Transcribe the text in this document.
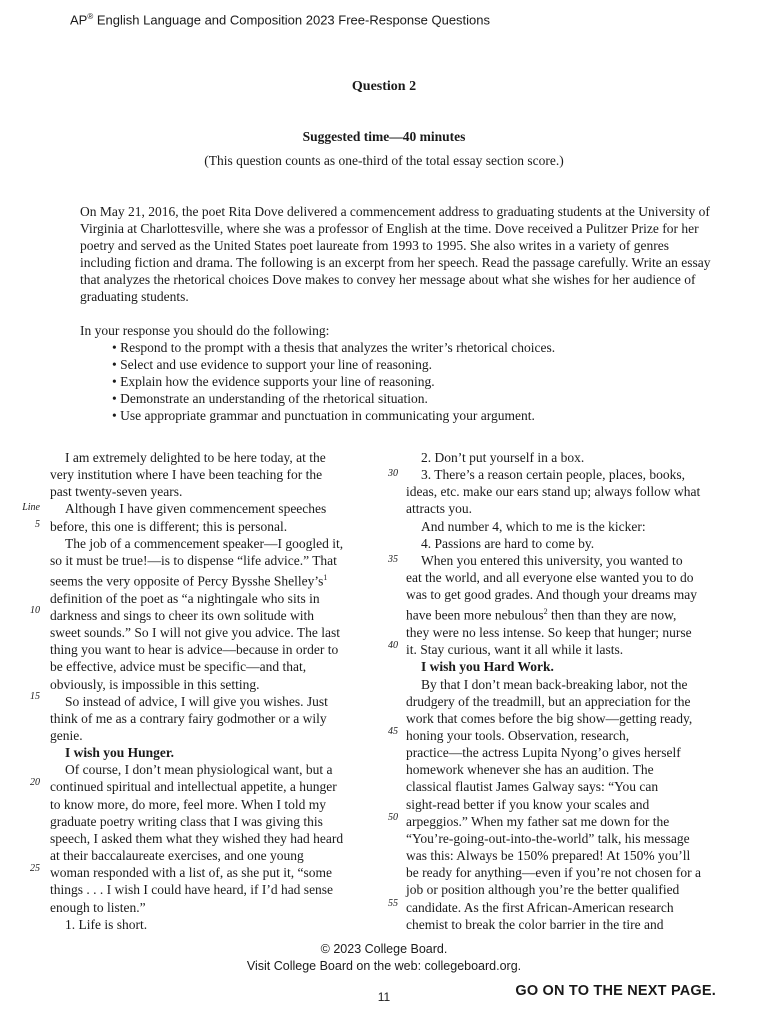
AP® English Language and Composition 2023 Free-Response Questions
Question 2
Suggested time—40 minutes
(This question counts as one-third of the total essay section score.)

On May 21, 2016, the poet Rita Dove delivered a commencement address to graduating students at the University of Virginia at Charlottesville, where she was a professor of English at the time. Dove received a Pulitzer Prize for her poetry and served as the United States poet laureate from 1993 to 1995. She also writes in a variety of genres including fiction and drama. The following is an excerpt from her speech. Read the passage carefully. Write an essay that analyzes the rhetorical choices Dove makes to convey her message about what she wishes for her audience of graduating students.

In your response you should do the following:
• Respond to the prompt with a thesis that analyzes the writer’s rhetorical choices.
• Select and use evidence to support your line of reasoning.
• Explain how the evidence supports your line of reasoning.
• Demonstrate an understanding of the rhetorical situation.
• Use appropriate grammar and punctuation in communicating your argument.
Line
5
10
15
20
25
30
35
40
45
50
55
I am extremely delighted to be here today, at the
very institution where I have been teaching for the
past twenty-seven years.
Although I have given commencement speeches
before, this one is different; this is personal.
The job of a commencement speaker—I googled it,
so it must be true!—is to dispense “life advice.” That
seems the very opposite of Percy Bysshe Shelley’s$^1$
definition of the poet as “a nightingale who sits in
darkness and sings to cheer its own solitude with
sweet sounds.” So I will not give you advice. The last
thing you want to hear is advice—because in order to
be effective, advice must be specific—and that,
obviously, is impossible in this setting.
So instead of advice, I will give you wishes. Just
think of me as a contrary fairy godmother or a wily
genie.
I wish you Hunger.
Of course, I don’t mean physiological want, but a
continued spiritual and intellectual appetite, a hunger
to know more, do more, feel more. When I told my
graduate poetry writing class that I was giving this
speech, I asked them what they wished they had heard
at their baccalaureate exercises, and one young
woman responded with a list of, as she put it, “some
things . . . I wish I could have heard, if I’d had sense
enough to listen.”
1. Life is short.
2. Don’t put yourself in a box.
3. There’s a reason certain people, places, books,
ideas, etc. make our ears stand up; always follow what
attracts you.
And number 4, which to me is the kicker:
4. Passions are hard to come by.
When you entered this university, you wanted to
eat the world, and all everyone else wanted you to do
was to get good grades. And though your dreams may
have been more nebulous$^2$ then than they are now,
they were no less intense. So keep that hunger; nurse
it. Stay curious, want it all while it lasts.
I wish you Hard Work.
By that I don’t mean back-breaking labor, not the
drudgery of the treadmill, but an appreciation for the
work that comes before the big show—getting ready,
honing your tools. Observation, research,
practice—the actress Lupita Nyong’o gives herself
homework whenever she has an audition. The
classical flautist James Galway says: “You can
sight-read better if you know your scales and
arpeggios.” When my father sat me down for the
“You’re-going-out-into-the-world” talk, his message
was this: Always be 150% prepared! At 150% you’ll
be ready for anything—even if you’re not chosen for a
job or position although you’re the better qualified
candidate. As the first African-American research
chemist to break the color barrier in the tire and
© 2023 College Board.
Visit College Board on the web: collegeboard.org.
11	GO ON TO THE NEXT PAGE.
